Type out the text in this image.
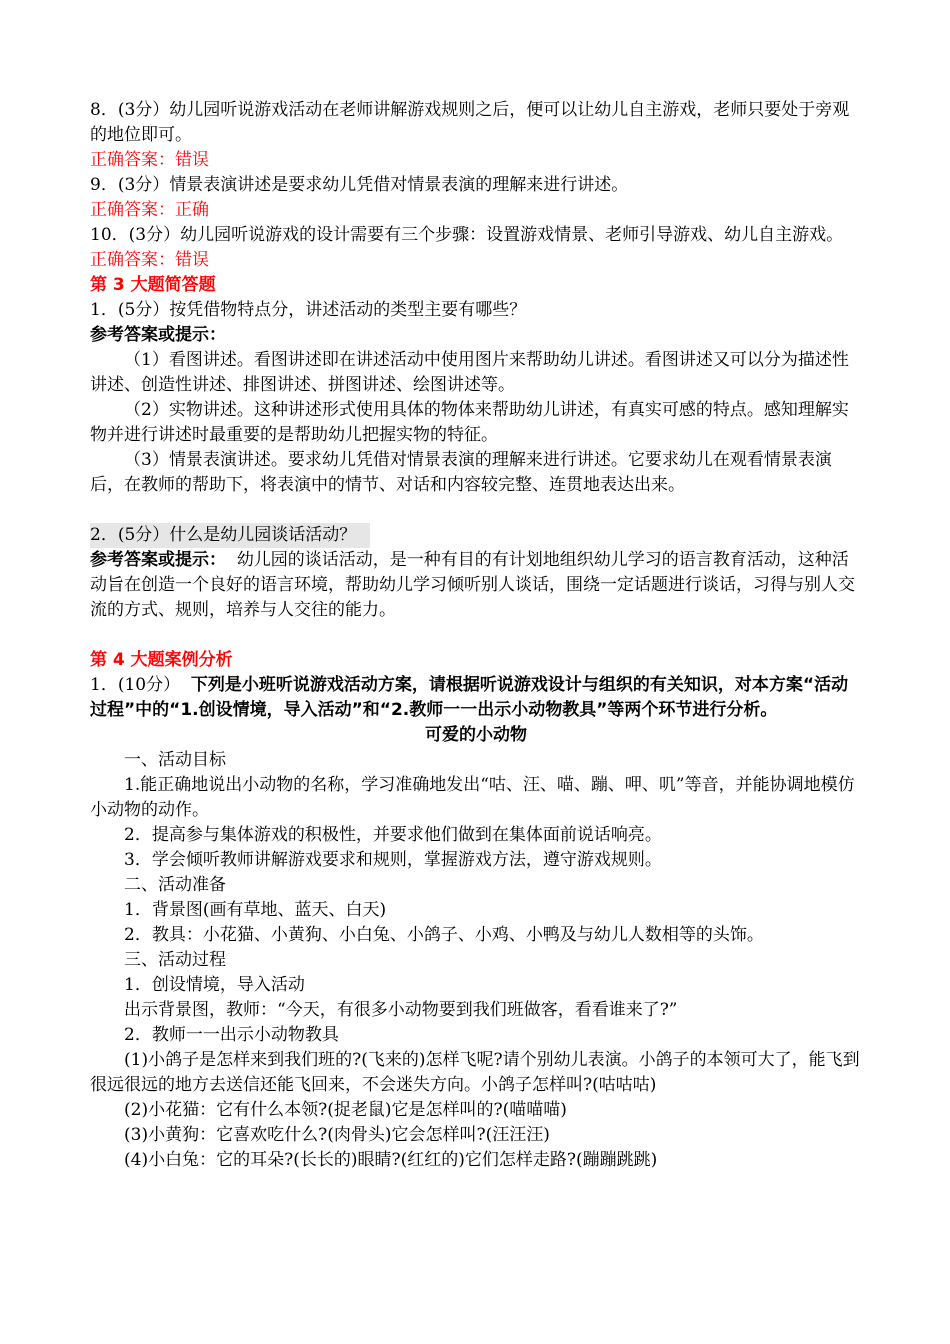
8．(3分）幼儿园听说游戏活动在老师讲解游戏规则之后，便可以让幼儿自主游戏，老师只要处于旁观的地位即可。
正确答案：错误
9．(3分）情景表演讲述是要求幼儿凭借对情景表演的理解来进行讲述。
正确答案：正确
10．(3分）幼儿园听说游戏的设计需要有三个步骤：设置游戏情景、老师引导游戏、幼儿自主游戏。
正确答案：错误
第 3 大题简答题
1．(5分）按凭借物特点分，讲述活动的类型主要有哪些？
参考答案或提示：
（1）看图讲述。看图讲述即在讲述活动中使用图片来帮助幼儿讲述。看图讲述又可以分为描述性讲述、创造性讲述、排图讲述、拼图讲述、绘图讲述等。
（2）实物讲述。这种讲述形式使用具体的物体来帮助幼儿讲述，有真实可感的特点。感知理解实物并进行讲述时最重要的是帮助幼儿把握实物的特征。
（3）情景表演讲述。要求幼儿凭借对情景表演的理解来进行讲述。它要求幼儿在观看情景表演后，在教师的帮助下，将表演中的情节、对话和内容较完整、连贯地表达出来。
2．(5分）什么是幼儿园谈话活动？
参考答案或提示： 幼儿园的谈话活动，是一种有目的有计划地组织幼儿学习的语言教育活动，这种活动旨在创造一个良好的语言环境，帮助幼儿学习倾听别人谈话，围绕一定话题进行谈话，习得与别人交流的方式、规则，培养与人交往的能力。
第 4 大题案例分析
1．(10分） 下列是小班听说游戏活动方案，请根据听说游戏设计与组织的有关知识，对本方案“活动过程”中的“1.创设情境，导入活动”和“2.教师一一出示小动物教具”等两个环节进行分析。
可爱的小动物
一、活动目标
1.能正确地说出小动物的名称，学习准确地发出“咕、汪、喵、蹦、呷、叽”等音，并能协调地模仿小动物的动作。
2．提高参与集体游戏的积极性，并要求他们做到在集体面前说话响亮。
3．学会倾听教师讲解游戏要求和规则，掌握游戏方法，遵守游戏规则。
二、活动准备
1．背景图(画有草地、蓝天、白天)
2．教具：小花猫、小黄狗、小白兔、小鸽子、小鸡、小鸭及与幼儿人数相等的头饰。
三、活动过程
1．创设情境，导入活动
出示背景图，教师：“今天，有很多小动物要到我们班做客，看看谁来了?”
2．教师一一出示小动物教具
(1)小鸽子是怎样来到我们班的?(飞来的)怎样飞呢?请个别幼儿表演。小鸽子的本领可大了，能飞到很远很远的地方去送信还能飞回来，不会迷失方向。小鸽子怎样叫?(咕咕咕)
(2)小花猫：它有什么本领?(捉老鼠)它是怎样叫的?(喵喵喵)
(3)小黄狗：它喜欢吃什么?(肉骨头)它会怎样叫?(汪汪汪)
(4)小白兔：它的耳朵?(长长的)眼睛?(红红的)它们怎样走路?(蹦蹦跳跳)
